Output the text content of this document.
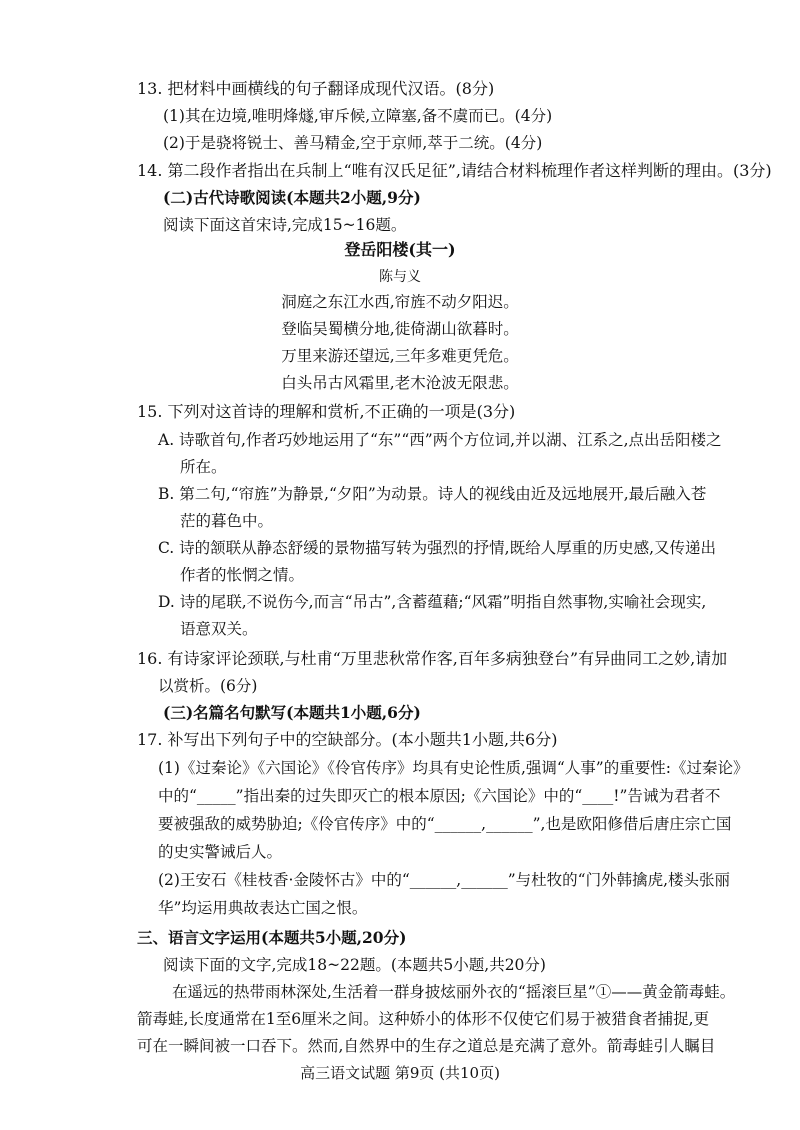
13. 把材料中画横线的句子翻译成现代汉语。(8分)
(1)其在边境,唯明烽燧,审斥候,立障塞,备不虞而已。(4分)
(2)于是骁将锐士、善马精金,空于京师,萃于二统。(4分)
14. 第二段作者指出在兵制上“唯有汉氏足征”,请结合材料梳理作者这样判断的理由。(3分)
(二)古代诗歌阅读(本题共2小题,9分)
阅读下面这首宋诗,完成15~16题。
登岳阳楼(其一)
陈与义
洞庭之东江水西,帘旌不动夕阳迟。
登临吴蜀横分地,徙倚湖山欲暮时。
万里来游还望远,三年多难更凭危。
白头吊古风霜里,老木沧波无限悲。
15. 下列对这首诗的理解和赏析,不正确的一项是(3分)
A. 诗歌首句,作者巧妙地运用了“东”“西”两个方位词,并以湖、江系之,点出岳阳楼之
所在。
B. 第二句,“帘旌”为静景,“夕阳”为动景。诗人的视线由近及远地展开,最后融入苍
茫的暮色中。
C. 诗的颔联从静态舒缓的景物描写转为强烈的抒情,既给人厚重的历史感,又传递出
作者的怅惘之情。
D. 诗的尾联,不说伤今,而言“吊古”,含蓄蕴藉;“风霜”明指自然事物,实喻社会现实,
语意双关。
16. 有诗家评论颈联,与杜甫“万里悲秋常作客,百年多病独登台”有异曲同工之妙,请加
以赏析。(6分)
(三)名篇名句默写(本题共1小题,6分)
17. 补写出下列句子中的空缺部分。(本小题共1小题,共6分)
(1)《过秦论》《六国论》《伶官传序》均具有史论性质,强调“人事”的重要性:《过秦论》
中的“_____”指出秦的过失即灭亡的根本原因;《六国论》中的“____!”告诫为君者不
要被强敌的威势胁迫;《伶官传序》中的“______,______”,也是欧阳修借后唐庄宗亡国
的史实警诫后人。
(2)王安石《桂枝香·金陵怀古》中的“______,______”与杜牧的“门外韩擒虎,楼头张丽
华”均运用典故表达亡国之恨。
三、语言文字运用(本题共5小题,20分)
阅读下面的文字,完成18~22题。(本题共5小题,共20分)
在遥远的热带雨林深处,生活着一群身披炫丽外衣的“摇滚巨星”①——黄金箭毒蛙。
箭毒蛙,长度通常在1至6厘米之间。这种娇小的体形不仅使它们易于被猎食者捕捉,更
可在一瞬间被一口吞下。然而,自然界中的生存之道总是充满了意外。箭毒蛙引人瞩目
高三语文试题 第9页 (共10页)
